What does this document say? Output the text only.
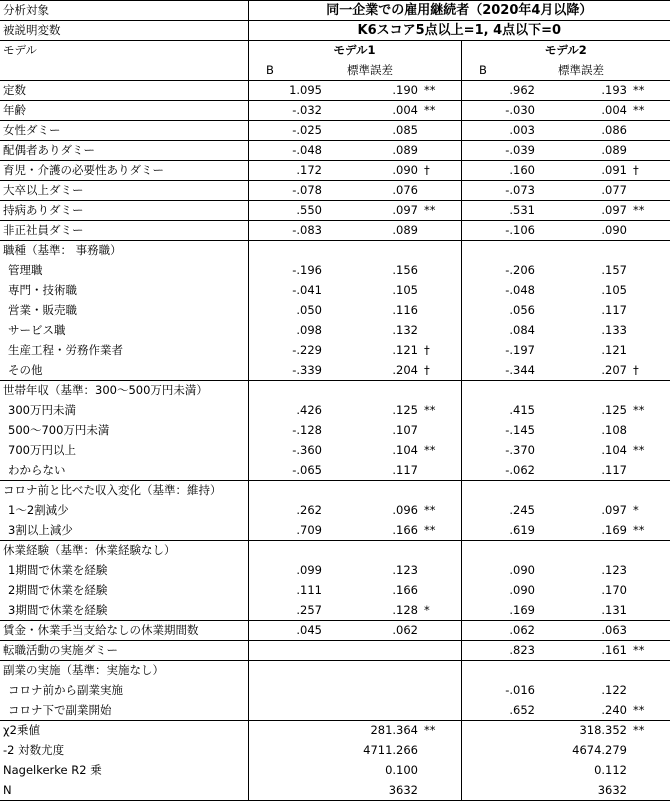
分析対象	同一企業での雇用継続者（2020年4月以降）							
被説明変数	K6スコア5点以上=1, 4点以下=0							
モデル	モデル1				モデル2			
		B	標準誤差			B	標準誤差	
定数		1.095	.190	**		.962	.193	**
年齢		-.032	.004	**		-.030	.004	**
女性ダミー		-.025	.085			.003	.086	
配偶者ありダミー		-.048	.089			-.039	.089	
育児・介護の必要性ありダミー		.172	.090	†		.160	.091	†
大卒以上ダミー		-.078	.076			-.073	.077	
持病ありダミー		.550	.097	**		.531	.097	**
非正社員ダミー		-.083	.089			-.106	.090	
職種（基準： 事務職）								
管理職		-.196	.156			-.206	.157	
専門・技術職		-.041	.105			-.048	.105	
営業・販売職		.050	.116			.056	.117	
サービス職		.098	.132			.084	.133	
生産工程・労務作業者		-.229	.121	†		-.197	.121	
その他		-.339	.204	†		-.344	.207	†
世帯年収（基準：300～500万円未満）								
300万円未満		.426	.125	**		.415	.125	**
500～700万円未満		-.128	.107			-.145	.108	
700万円以上		-.360	.104	**		-.370	.104	**
わからない		-.065	.117			-.062	.117	
コロナ前と比べた収入変化（基準：維持）								
1～2割減少		.262	.096	**		.245	.097	*
3割以上減少		.709	.166	**		.619	.169	**
休業経験（基準：休業経験なし）								
1期間で休業を経験		.099	.123			.090	.123	
2期間で休業を経験		.111	.166			.090	.170	
3期間で休業を経験		.257	.128	*		.169	.131	
賃金・休業手当支給なしの休業期間数		.045	.062			.062	.063	
転職活動の実施ダミー						.823	.161	**
副業の実施（基準：実施なし）								
コロナ前から副業実施						-.016	.122	
コロナ下で副業開始						.652	.240	**
χ2乗値	281.364			**	318.352			**
-2 対数尤度	4711.266				4674.279			
Nagelkerke R2 乗	0.100				0.112			
N	3632				3632			
